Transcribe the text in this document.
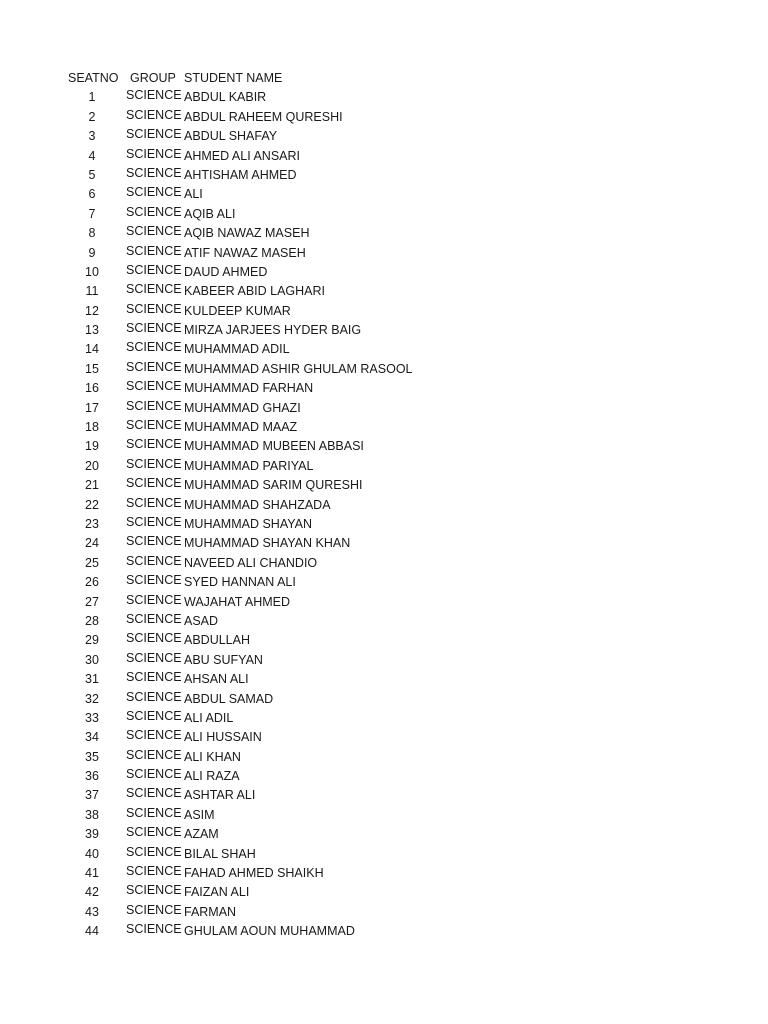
SEATNO GROUP STUDENT NAME
1	SCIENCE ABDUL KABIR
2	SCIENCE ABDUL RAHEEM QURESHI
3	SCIENCE ABDUL SHAFAY
4	SCIENCE AHMED ALI ANSARI
5	SCIENCE AHTISHAM AHMED
6	SCIENCE ALI
7	SCIENCE AQIB ALI
8	SCIENCE AQIB NAWAZ MASEH
9	SCIENCE ATIF NAWAZ MASEH
10	SCIENCE DAUD AHMED
11	SCIENCE KABEER ABID LAGHARI
12	SCIENCE KULDEEP KUMAR
13	SCIENCE MIRZA JARJEES HYDER BAIG
14	SCIENCE MUHAMMAD ADIL
15	SCIENCE MUHAMMAD ASHIR GHULAM RASOOL
16	SCIENCE MUHAMMAD FARHAN
17	SCIENCE MUHAMMAD GHAZI
18	SCIENCE MUHAMMAD MAAZ
19	SCIENCE MUHAMMAD MUBEEN ABBASI
20	SCIENCE MUHAMMAD PARIYAL
21	SCIENCE MUHAMMAD SARIM QURESHI
22	SCIENCE MUHAMMAD SHAHZADA
23	SCIENCE MUHAMMAD SHAYAN
24	SCIENCE MUHAMMAD SHAYAN KHAN
25	SCIENCE NAVEED ALI CHANDIO
26	SCIENCE SYED HANNAN ALI
27	SCIENCE WAJAHAT AHMED
28	SCIENCE ASAD
29	SCIENCE ABDULLAH
30	SCIENCE ABU SUFYAN
31	SCIENCE AHSAN ALI
32	SCIENCE ABDUL SAMAD
33	SCIENCE ALI ADIL
34	SCIENCE ALI HUSSAIN
35	SCIENCE ALI KHAN
36	SCIENCE ALI RAZA
37	SCIENCE ASHTAR ALI
38	SCIENCE ASIM
39	SCIENCE AZAM
40	SCIENCE BILAL SHAH
41	SCIENCE FAHAD AHMED SHAIKH
42	SCIENCE FAIZAN ALI
43	SCIENCE FARMAN
44	SCIENCE GHULAM AOUN MUHAMMAD
